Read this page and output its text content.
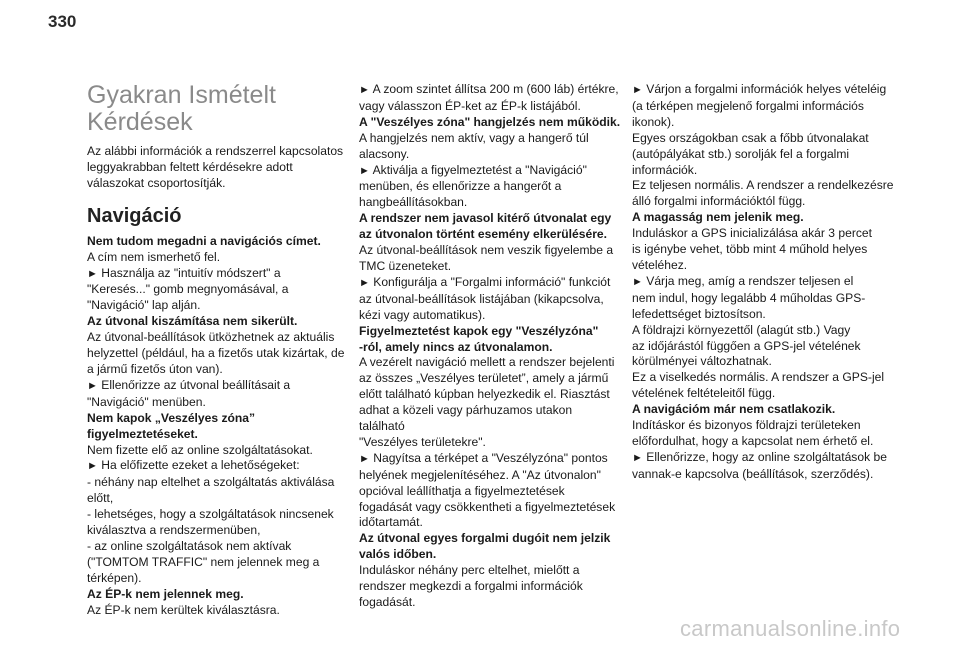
330
Gyakran Ismételt
Kérdések
Az alábbi információk a rendszerrel kapcsolatos
leggyakrabban feltett kérdésekre adott
válaszokat csoportosítják.
Navigáció
Nem tudom megadni a navigációs címet.
A cím nem ismerhető fel.
► Használja az "intuitív módszert" a
"Keresés..." gomb megnyomásával, a
"Navigáció" lap alján.
Az útvonal kiszámítása nem sikerült.
Az útvonal-beállítások ütközhetnek az aktuális
helyzettel (például, ha a fizetős utak kizártak, de
a jármű fizetős úton van).
► Ellenőrizze az útvonal beállításait a
"Navigáció" menüben.
Nem kapok „Veszélyes zóna”
figyelmeztetéseket.
Nem fizette elő az online szolgáltatásokat.
► Ha előfizette ezeket a lehetőségeket:
- néhány nap eltelhet a szolgáltatás aktiválása
előtt,
- lehetséges, hogy a szolgáltatások nincsenek
kiválasztva a rendszermenüben,
- az online szolgáltatások nem aktívak
("TOMTOM TRAFFIC" nem jelennek meg a
térképen).
Az ÉP-k nem jelennek meg.
Az ÉP-k nem kerültek kiválasztásra.
► A zoom szintet állítsa 200 m (600 láb) értékre,
vagy válasszon ÉP-ket az ÉP-k listájából.
A "Veszélyes zóna" hangjelzés nem működik.
A hangjelzés nem aktív, vagy a hangerő túl
alacsony.
► Aktiválja a figyelmeztetést a "Navigáció"
menüben, és ellenőrizze a hangerőt a
hangbeállításokban.
A rendszer nem javasol kitérő útvonalat egy
az útvonalon történt esemény elkerülésére.
Az útvonal-beállítások nem veszik figyelembe a
TMC üzeneteket.
► Konfigurálja a "Forgalmi információ" funkciót
az útvonal-beállítások listájában (kikapcsolva,
kézi vagy automatikus).
Figyelmeztetést kapok egy "Veszélyzóna"
-ról, amely nincs az útvonalamon.
A vezérelt navigáció mellett a rendszer bejelenti
az összes „Veszélyes területet”, amely a jármű
előtt található kúpban helyezkedik el. Riasztást
adhat a közeli vagy párhuzamos utakon található
"Veszélyes területekre".
► Nagyítsa a térképet a "Veszélyzóna" pontos
helyének megjelenítéséhez. A "Az útvonalon"
opcióval leállíthatja a figyelmeztetések
fogadását vagy csökkentheti a figyelmeztetések
időtartamát.
Az útvonal egyes forgalmi dugóit nem jelzik
valós időben.
Induláskor néhány perc eltelhet, mielőtt a
rendszer megkezdi a forgalmi információk
fogadását.
► Várjon a forgalmi információk helyes vételéig
(a térképen megjelenő forgalmi információs
ikonok).
Egyes országokban csak a főbb útvonalakat
(autópályákat stb.) sorolják fel a forgalmi
információk.
Ez teljesen normális. A rendszer a rendelkezésre
álló forgalmi információktól függ.
A magasság nem jelenik meg.
Induláskor a GPS inicializálása akár 3 percet
is igénybe vehet, több mint 4 műhold helyes
vételéhez.
► Várja meg, amíg a rendszer teljesen el
nem indul, hogy legalább 4 műholdas GPS-
lefedettséget biztosítson.
A földrajzi környezettől (alagút stb.) Vagy
az időjárástól függően a GPS-jel vételének
körülményei változhatnak.
Ez a viselkedés normális. A rendszer a GPS-jel
vételének feltételeitől függ.
A navigációm már nem csatlakozik.
Indításkor és bizonyos földrajzi területeken
előfordulhat, hogy a kapcsolat nem érhető el.
► Ellenőrizze, hogy az online szolgáltatások be
vannak-e kapcsolva (beállítások, szerződés).
carmanualsonline.info
